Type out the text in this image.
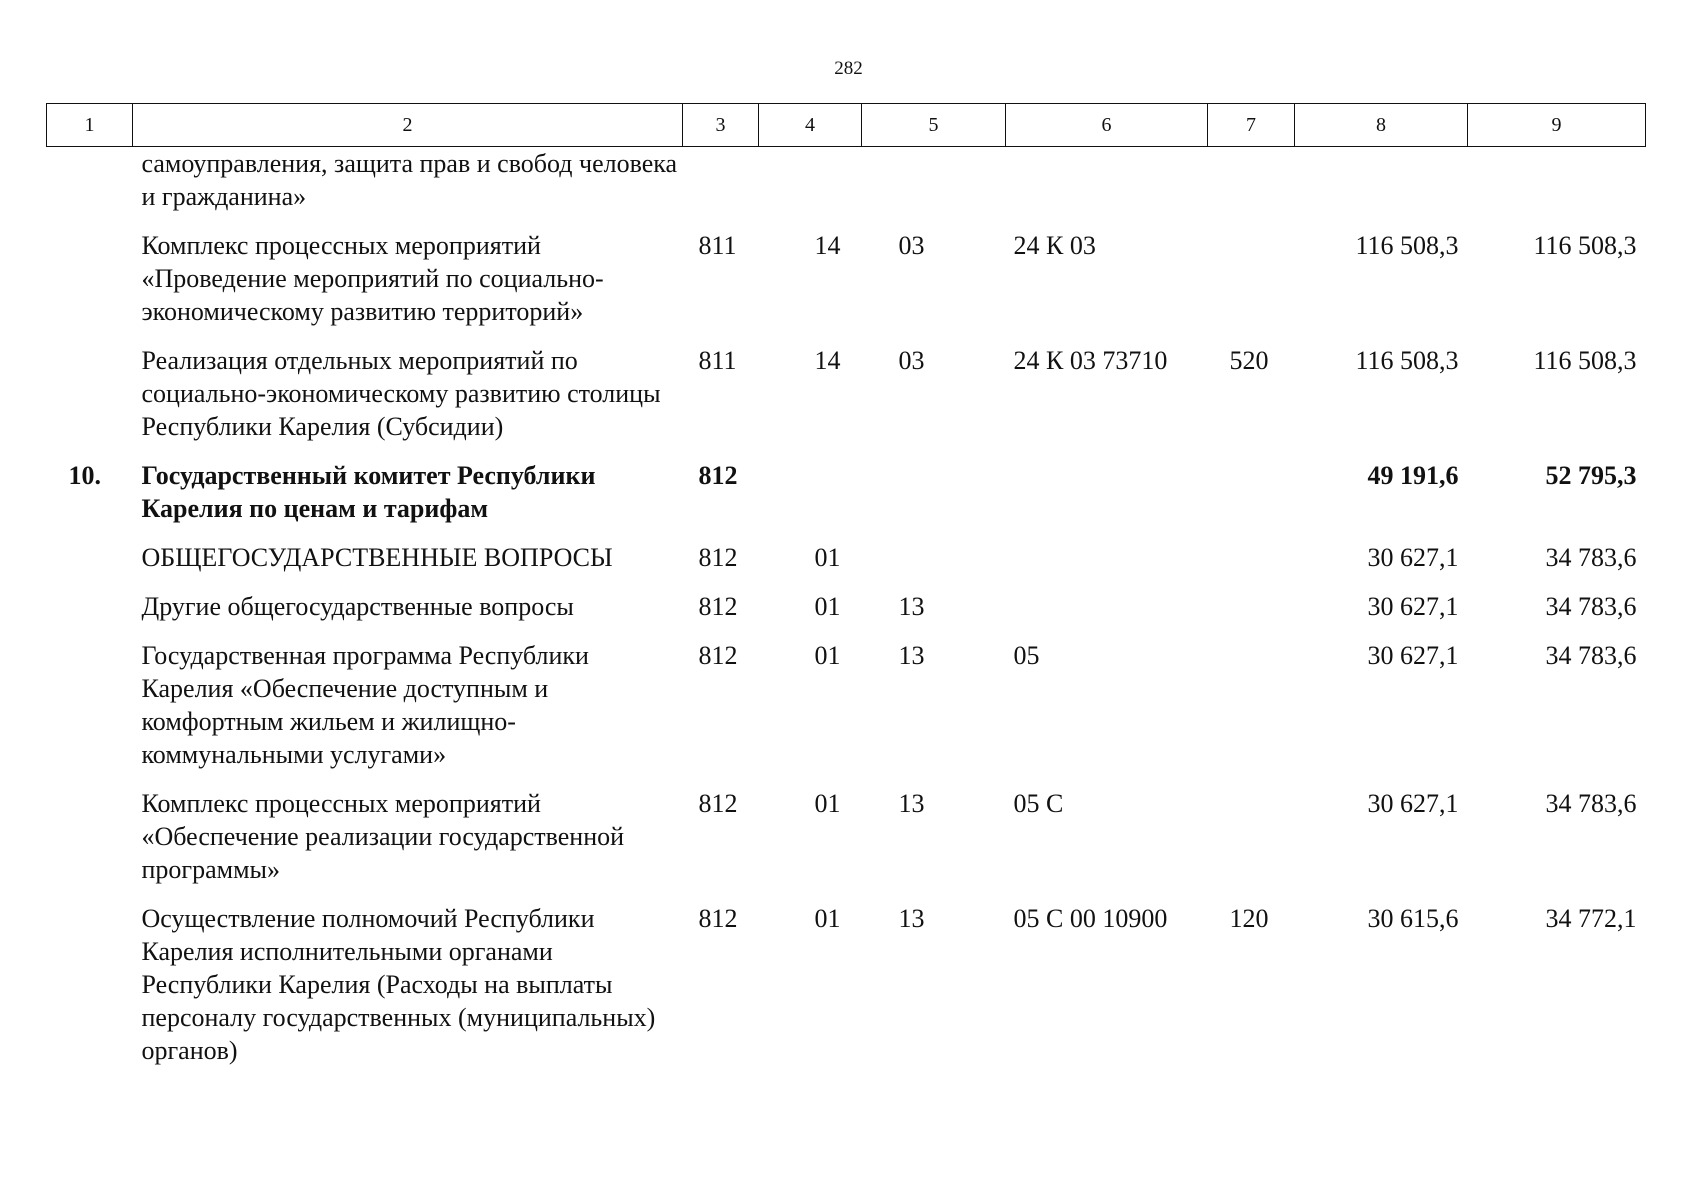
282
1	2	3	4	5	6	7	8	9
	самоуправления, защита прав и свобод человека и гражданина»							
	Комплекс процессных мероприятий «Проведение мероприятий по социально-экономическому развитию территорий»	811	14	03	24 К 03		116 508,3	116 508,3
	Реализация отдельных мероприятий по социально-экономическому развитию столицы Республики Карелия (Субсидии)	811	14	03	24 К 03 73710	520	116 508,3	116 508,3
10.	Государственный комитет Республики Карелия по ценам и тарифам	812					49 191,6	52 795,3
	ОБЩЕГОСУДАРСТВЕННЫЕ ВОПРОСЫ	812	01				30 627,1	34 783,6
	Другие общегосударственные вопросы	812	01	13			30 627,1	34 783,6
	Государственная программа Республики Карелия «Обеспечение доступным и комфортным жильем и жилищно-коммунальными услугами»	812	01	13	05		30 627,1	34 783,6
	Комплекс процессных мероприятий «Обеспечение реализации государственной программы»	812	01	13	05 С		30 627,1	34 783,6
	Осуществление полномочий Республики Карелия исполнительными органами Республики Карелия (Расходы на выплаты персоналу государственных (муниципальных) органов)	812	01	13	05 С 00 10900	120	30 615,6	34 772,1
